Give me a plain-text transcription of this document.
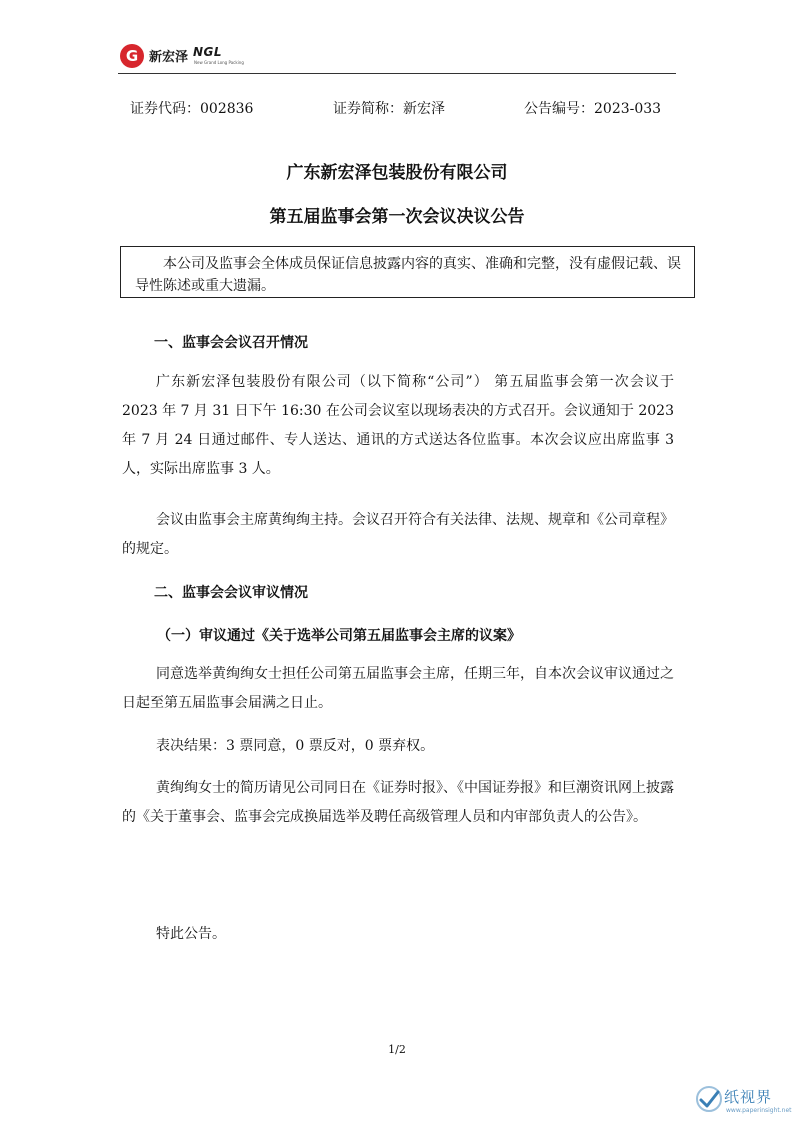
G 新宏泽 NGL
New Grand Long Packing
证券代码：002836	证券简称：新宏泽	公告编号：2023-033
广东新宏泽包装股份有限公司
第五届监事会第一次会议决议公告
本公司及监事会全体成员保证信息披露内容的真实、准确和完整，没有虚假记载、误导性陈述或重大遗漏。
一、监事会会议召开情况
广东新宏泽包装股份有限公司（以下简称“公司”） 第五届监事会第一次会议于 2023 年 7 月 31 日下午 16:30 在公司会议室以现场表决的方式召开。会议通知于 2023 年 7 月 24 日通过邮件、专人送达、通讯的方式送达各位监事。本次会议应出席监事 3 人，实际出席监事 3 人。
会议由监事会主席黄绚绚主持。会议召开符合有关法律、法规、规章和《公司章程》的规定。
二、监事会会议审议情况
（一）审议通过《关于选举公司第五届监事会主席的议案》
同意选举黄绚绚女士担任公司第五届监事会主席，任期三年，自本次会议审议通过之日起至第五届监事会届满之日止。
表决结果：3 票同意，0 票反对，0 票弃权。
黄绚绚女士的简历请见公司同日在《证券时报》、《中国证券报》和巨潮资讯网上披露的《关于董事会、监事会完成换届选举及聘任高级管理人员和内审部负责人的公告》。
特此公告。
1/2
纸视界
www.paperinsight.net
